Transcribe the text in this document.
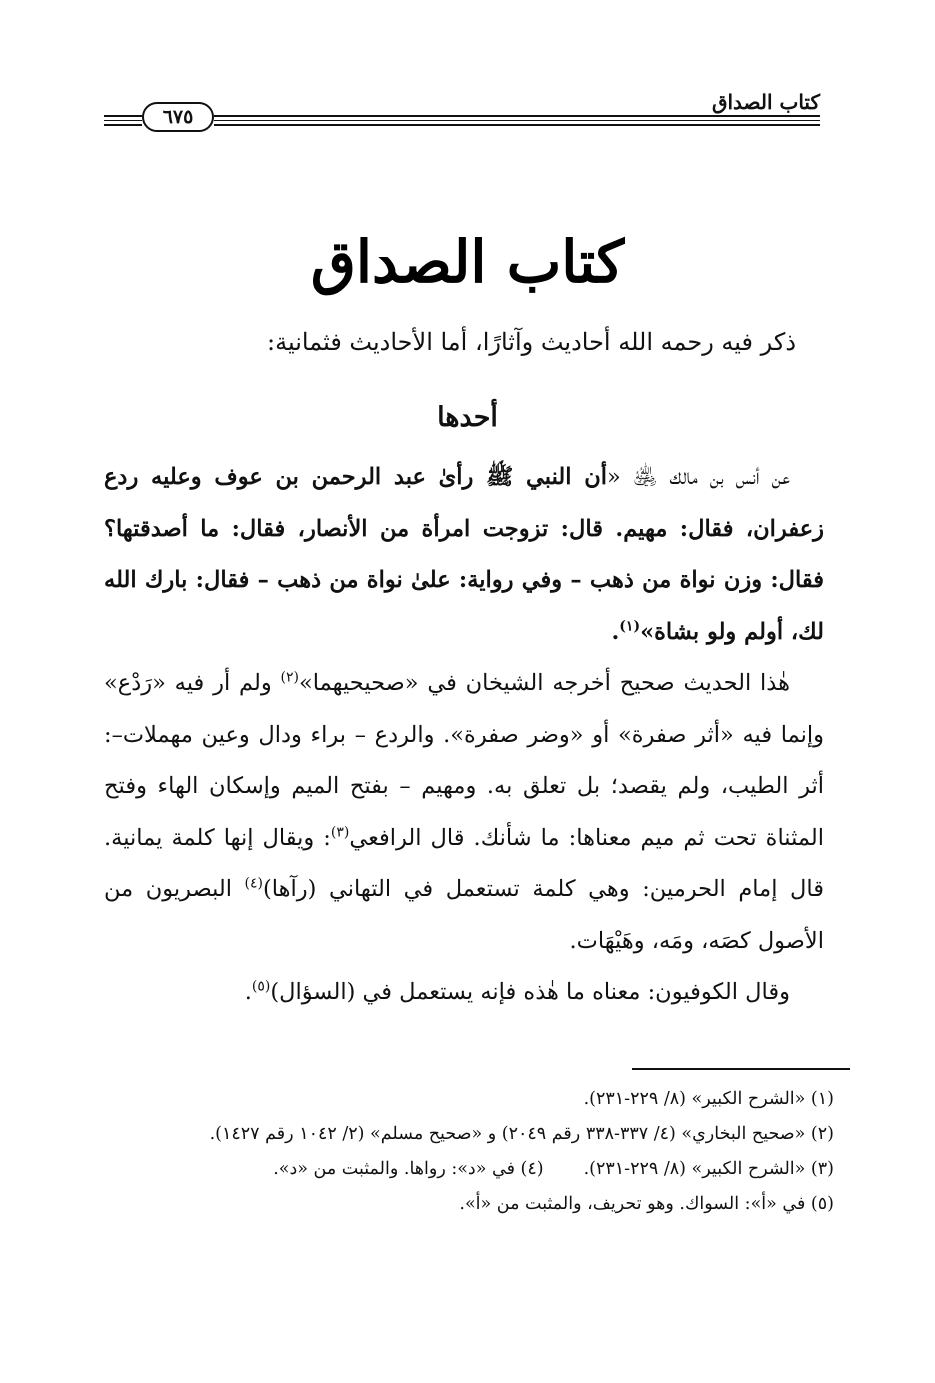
كتاب الصداق
٦٧٥
كتاب الصداق
ذكر فيه رحمه الله أحاديث وآثارًا، أما الأحاديث فثمانية:
أحدها

عن أنس بن مالك ﵁ «أن النبي ﷺ رأىٰ عبد الرحمن بن عوف وعليه ردع زعفران، فقال: مهيم. قال: تزوجت امرأة من الأنصار، فقال: ما أصدقتها؟ فقال: وزن نواة من ذهب – وفي رواية: علىٰ نواة من ذهب – فقال: بارك الله لك، أولم ولو بشاة»$^{(١)}$.

هٰذا الحديث صحيح أخرجه الشيخان في «صحيحيهما»$^{(٢)}$ ولم أر فيه «رَدْع» وإنما فيه «أثر صفرة» أو «وضر صفرة». والردع – براء ودال وعين مهملات–: أثر الطيب، ولم يقصد؛ بل تعلق به. ومهيم – بفتح الميم وإسكان الهاء وفتح المثناة تحت ثم ميم معناها: ما شأنك. قال الرافعي$^{(٣)}$: ويقال إنها كلمة يمانية. قال إمام الحرمين: وهي كلمة تستعمل في التهاني (رآها)$^{(٤)}$ البصريون من الأصول كصَه، ومَه، وهَيْهَات.

وقال الكوفيون: معناه ما هٰذه فإنه يستعمل في (السؤال)$^{(٥)}$.

(١) «الشرح الكبير» (٨/ ٢٢٩-٢٣١).

(٢) «صحيح البخاري» (٤/ ٣٣٧-٣٣٨ رقم ٢٠٤٩) و «صحيح مسلم» (٢/ ١٠٤٢ رقم ١٤٢٧).

(٣) «الشرح الكبير» (٨/ ٢٢٩-٢٣١).
(٤) في «د»: رواها. والمثبت من «د».

(٥) في «أ»: السواك. وهو تحريف، والمثبت من «أ».
